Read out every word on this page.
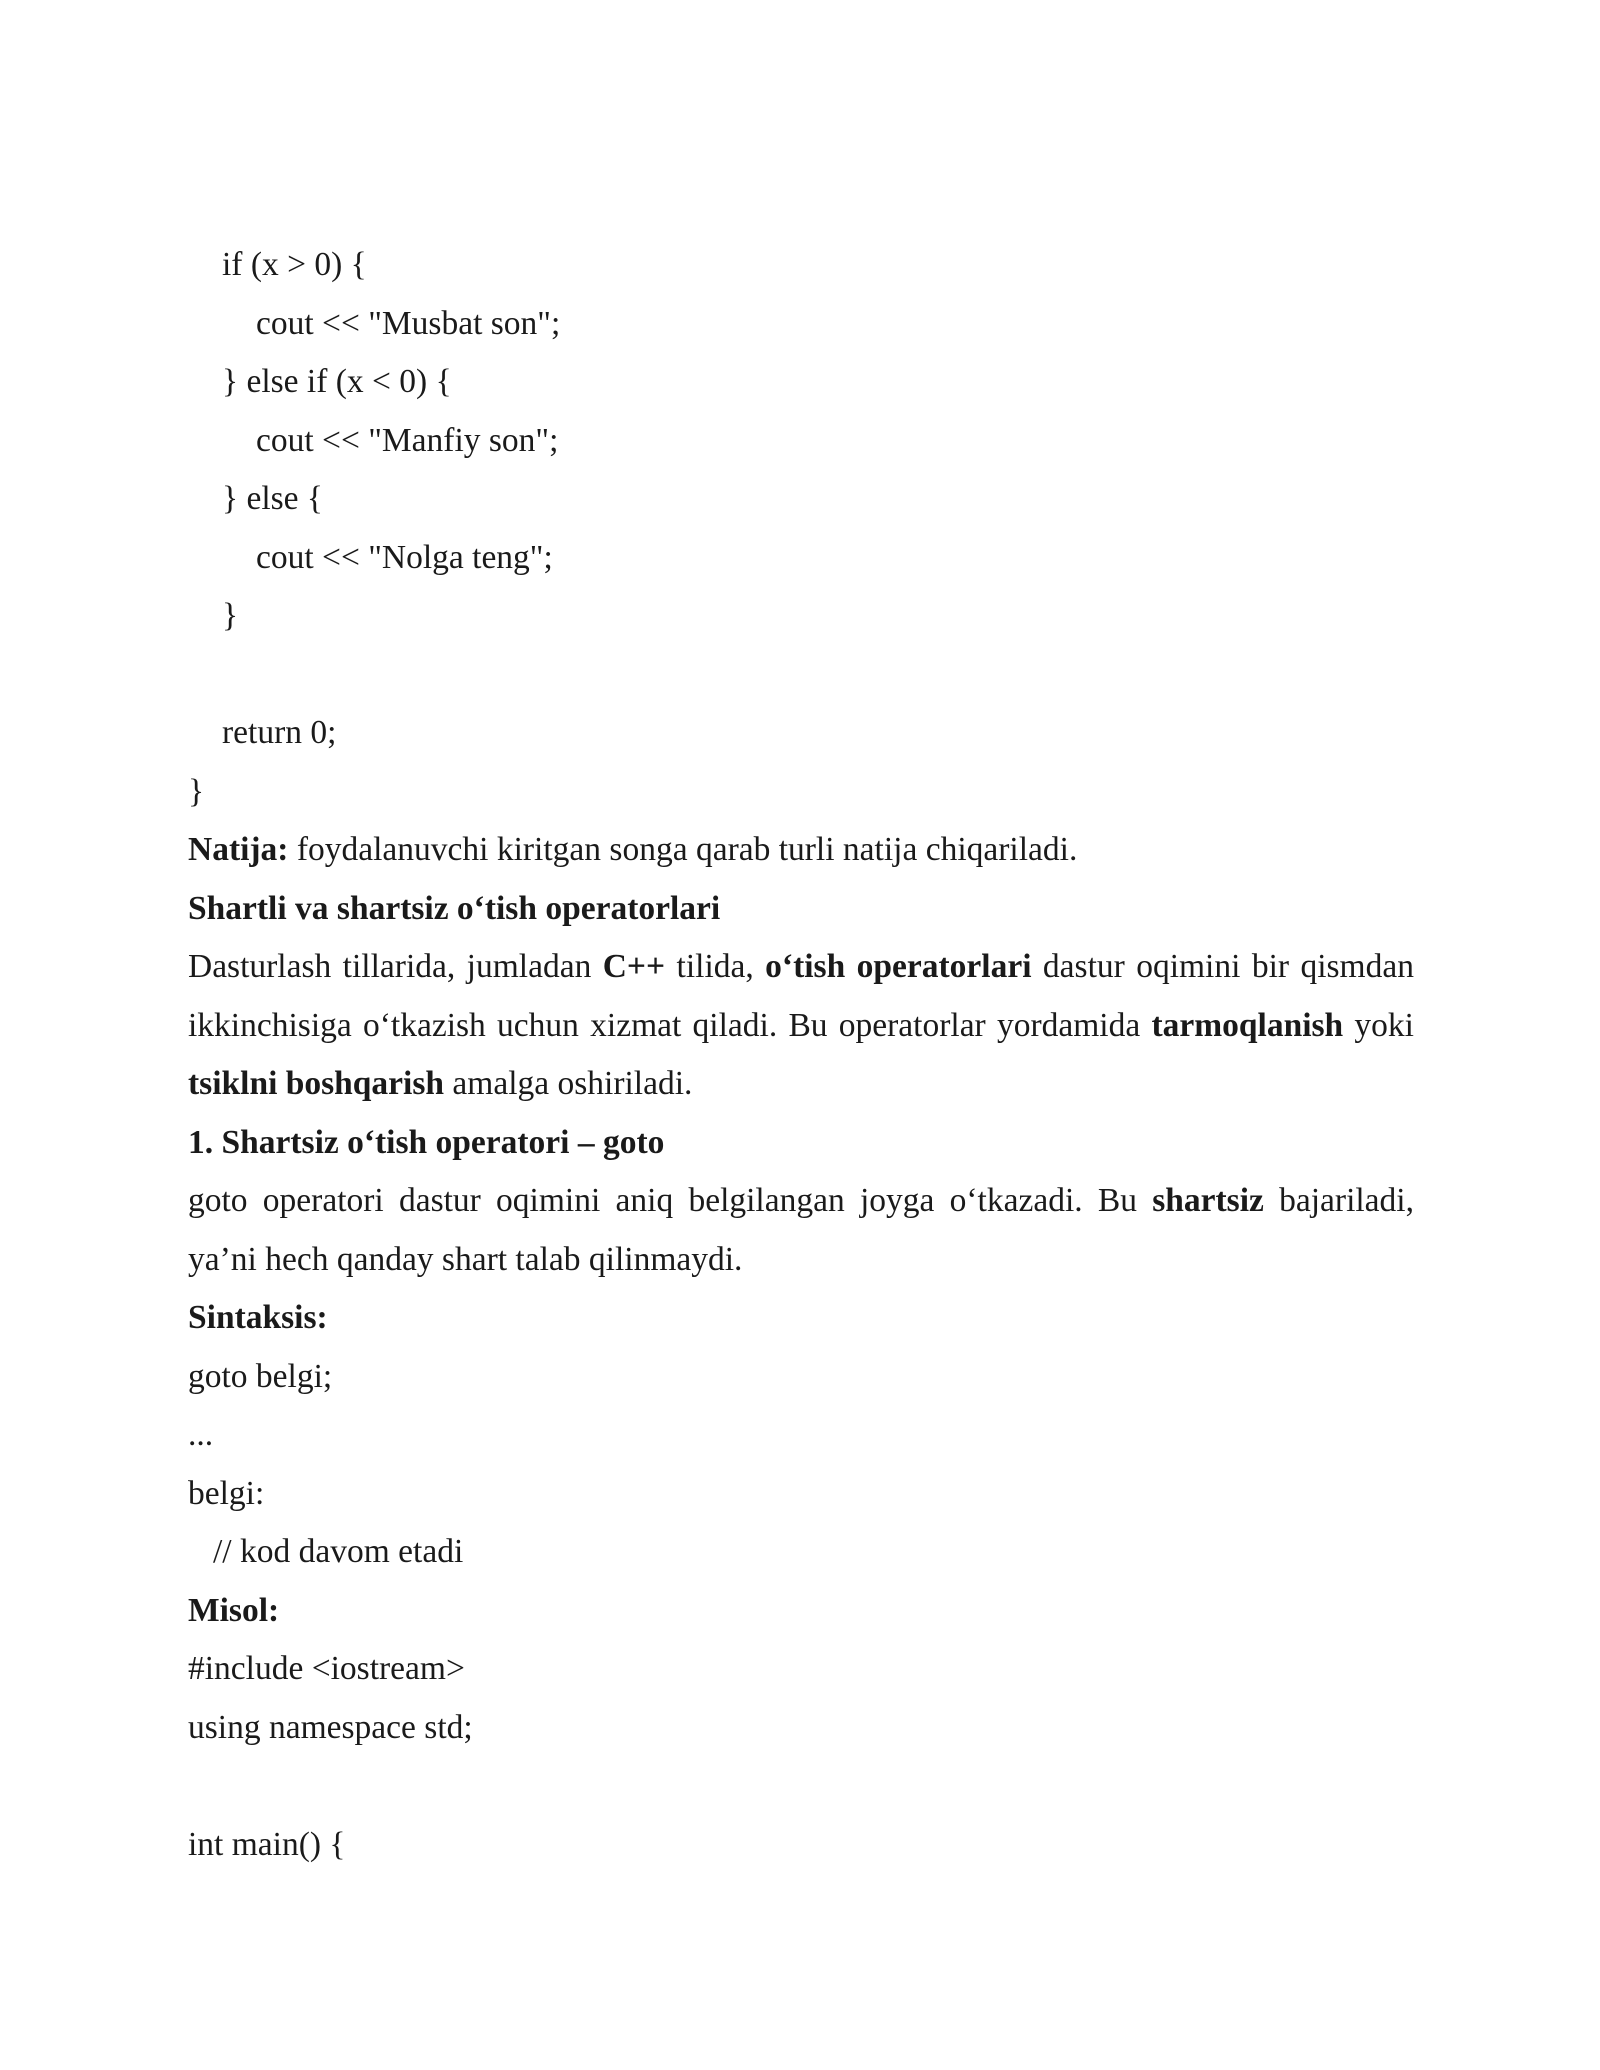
if (x > 0) {
cout << "Musbat son";
} else if (x < 0) {
cout << "Manfiy son";
} else {
cout << "Nolga teng";
}
return 0;
}
Natija: foydalanuvchi kiritgan songa qarab turli natija chiqariladi.
Shartli va shartsiz o‘tish operatorlari
Dasturlash tillarida, jumladan C++ tilida, o‘tish operatorlari dastur oqimini bir qismdan ikkinchisiga o‘tkazish uchun xizmat qiladi. Bu operatorlar yordamida tarmoqlanish yoki tsiklni boshqarish amalga oshiriladi.
1. Shartsiz o‘tish operatori – goto
goto operatori dastur oqimini aniq belgilangan joyga o‘tkazadi. Bu shartsiz bajariladi, ya’ni hech qanday shart talab qilinmaydi.
Sintaksis:
goto belgi;
...
belgi:
// kod davom etadi
Misol:
#include <iostream>
using namespace std;
int main() {
